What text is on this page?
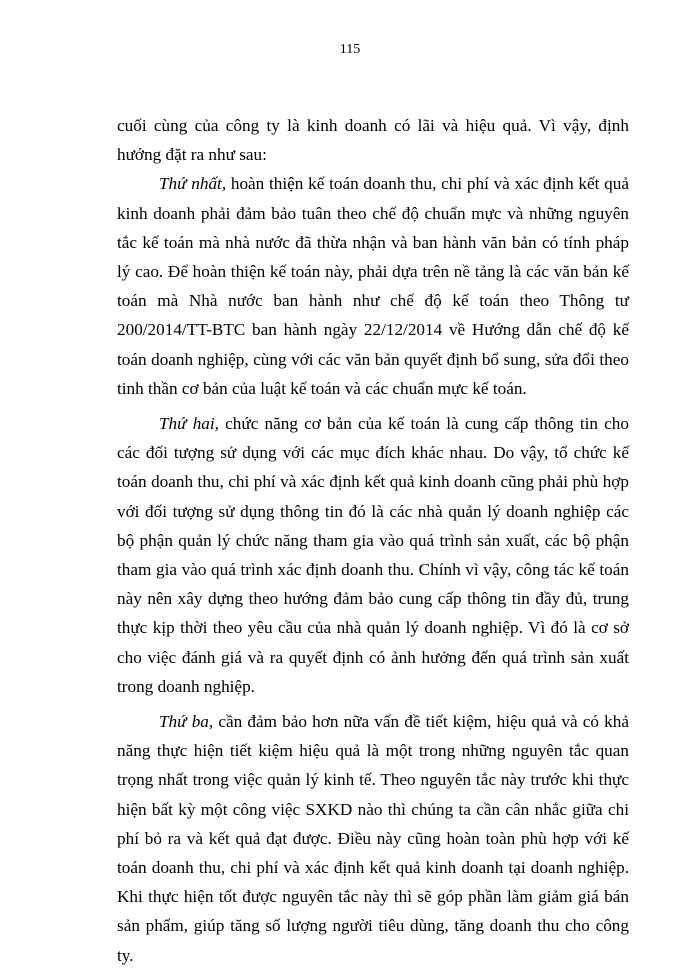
115

cuối cùng của công ty là kinh doanh có lãi và hiệu quả. Vì vậy, định hướng đặt ra như sau:

Thứ nhất, hoàn thiện kế toán doanh thu, chi phí và xác định kết quả kinh doanh phải đảm bảo tuân theo chế độ chuẩn mực và những nguyên tắc kế toán mà nhà nước đã thừa nhận và ban hành văn bản có tính pháp lý cao. Để hoàn thiện kế toán này, phải dựa trên nề tảng là các văn bản kế toán mà Nhà nước ban hành như chế độ kế toán theo Thông tư 200/2014/TT-BTC ban hành ngày 22/12/2014 về Hướng dẫn chế độ kế toán doanh nghiệp, cùng với các văn bản quyết định bổ sung, sửa đổi theo tinh thần cơ bản của luật kế toán và các chuẩn mực kế toán.

Thứ hai, chức năng cơ bản của kế toán là cung cấp thông tin cho các đối tượng sử dụng với các mục đích khác nhau. Do vậy, tổ chức kế toán doanh thu, chi phí và xác định kết quả kinh doanh cũng phải phù hợp với đối tượng sử dụng thông tin đó là các nhà quản lý doanh nghiệp các bộ phận quản lý chức năng tham gia vào quá trình sản xuất, các bộ phận tham gia vào quá trình xác định doanh thu. Chính vì vậy, công tác kế toán này nên xây dựng theo hướng đảm bảo cung cấp thông tin đầy đủ, trung thực kịp thời theo yêu cầu của nhà quản lý doanh nghiệp. Vì đó là cơ sở cho việc đánh giá và ra quyết định có ảnh hưởng đến quá trình sản xuất trong doanh nghiệp.

Thứ ba, cần đảm bảo hơn nữa vấn đề tiết kiệm, hiệu quả và có khả năng thực hiện tiết kiệm hiệu quả là một trong những nguyên tắc quan trọng nhất trong việc quản lý kinh tế. Theo nguyên tắc này trước khi thực hiện bất kỳ một công việc SXKD nào thì chúng ta cần cân nhắc giữa chi phí bỏ ra và kết quả đạt được. Điều này cũng hoàn toàn phù hợp với kế toán doanh thu, chi phí và xác định kết quả kinh doanh tại doanh nghiệp. Khi thực hiện tốt được nguyên tắc này thì sẽ góp phần làm giảm giá bán sản phẩm, giúp tăng số lượng người tiêu dùng, tăng doanh thu cho công ty.
